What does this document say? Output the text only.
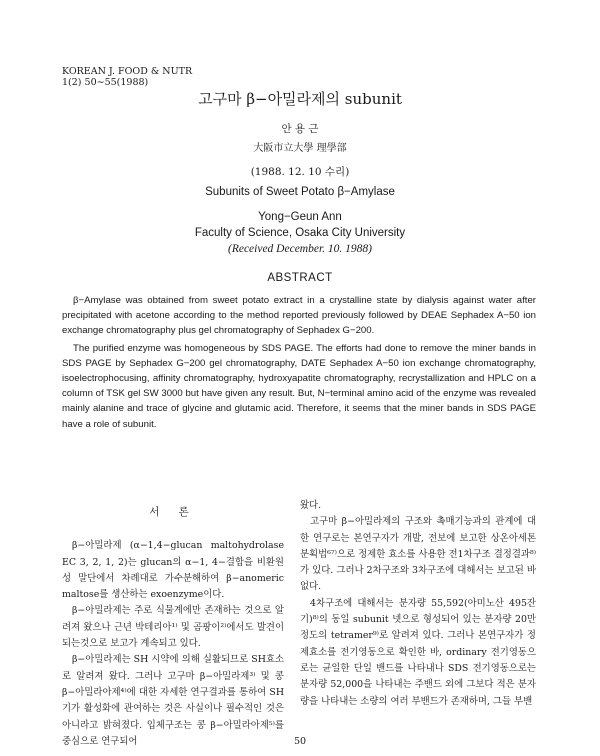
KOREAN J. FOOD & NUTR
1(2) 50∼55(1988)
고구마 β−아밀라제의 subunit
안 용 근
大阪市立大學 理學部
(1988. 12. 10 수리)
Subunits of Sweet Potato β−Amylase
Yong−Geun Ann
Faculty of Science, Osaka City University
(Received December. 10. 1988)
ABSTRACT

β−Amylase was obtained from sweet potato extract in a crystalline state by dialysis against water after precipitated with acetone according to the method reported previously followed by DEAE Sephadex A−50 ion exchange chromatography plus gel chromatography of Sephadex G−200.

The purified enzyme was homogeneous by SDS PAGE. The efforts had done to remove the miner bands in SDS PAGE by Sephadex G−200 gel chromatography, DATE Sephadex A−50 ion exchange chromatography, isoelectrophocusing, affinity chromatography, hydroxyapatite chromatography, recrystallization and HPLC on a column of TSK gel SW 3000 but have given any result. But, N−terminal amino acid of the enzyme was revealed mainly alanine and trace of glycine and glutamic acid. Therefore, it seems that the miner bands in SDS PAGE have a role of subunit.

서 론

β−아밀라제 (α−1,4−glucan maltohydrolase EC 3, 2, 1, 2)는 glucan의 α−1, 4−결합을 비환원성 말단에서 차례대로 가수분해하여 β−anomeric maltose를 생산하는 exoenzyme이다.

β−아밀라제는 주로 식물계에만 존재하는 것으로 알려져 왔으나 근년 박테리아¹⁾ 및 곰팡이²⁾에서도 발견이 되는것으로 보고가 계속되고 있다.

β−아밀라제는 SH 시약에 의해 실활되므로 SH효소로 알려져 왔다. 그러나 고구마 β−아밀라제³⁾ 및 콩 β−아밀라아제⁴⁾에 대한 자세한 연구결과를 통하여 SH기가 활성화에 관여하는 것은 사실이나 필수적인 것은 아니라고 밝혀졌다. 입체구조는 콩 β−아밀라아제⁵⁾를 중심으로 연구되어

왔다.

고구마 β−아밀라제의 구조와 촉매기능과의 관계에 대한 연구로는 본연구자가 개발, 전보에 보고한 상온아세톤 분획법⁶⁷⁾으로 정제한 효소를 사용한 전1차구조 결정결과⁸⁾가 있다. 그러나 2차구조와 3차구조에 대해서는 보고된 바 없다.

4차구조에 대해서는 분자량 55,592(아미노산 495잔기)⁸⁾의 동일 subunit 넷으로 형성되어 있는 분자량 20만 정도의 tetramer⁹⁾로 알려져 있다. 그러나 본연구자가 정제효소를 전기영동으로 확인한 바, ordinary 전기영동으로는 균일한 단일 밴드를 나타내나 SDS 전기영동으로는 분자량 52,000을 나타내는 주밴드 외에 그보다 적은 분자량을 나타내는 소량의 여러 부밴드가 존재하며, 그들 부밴

50
